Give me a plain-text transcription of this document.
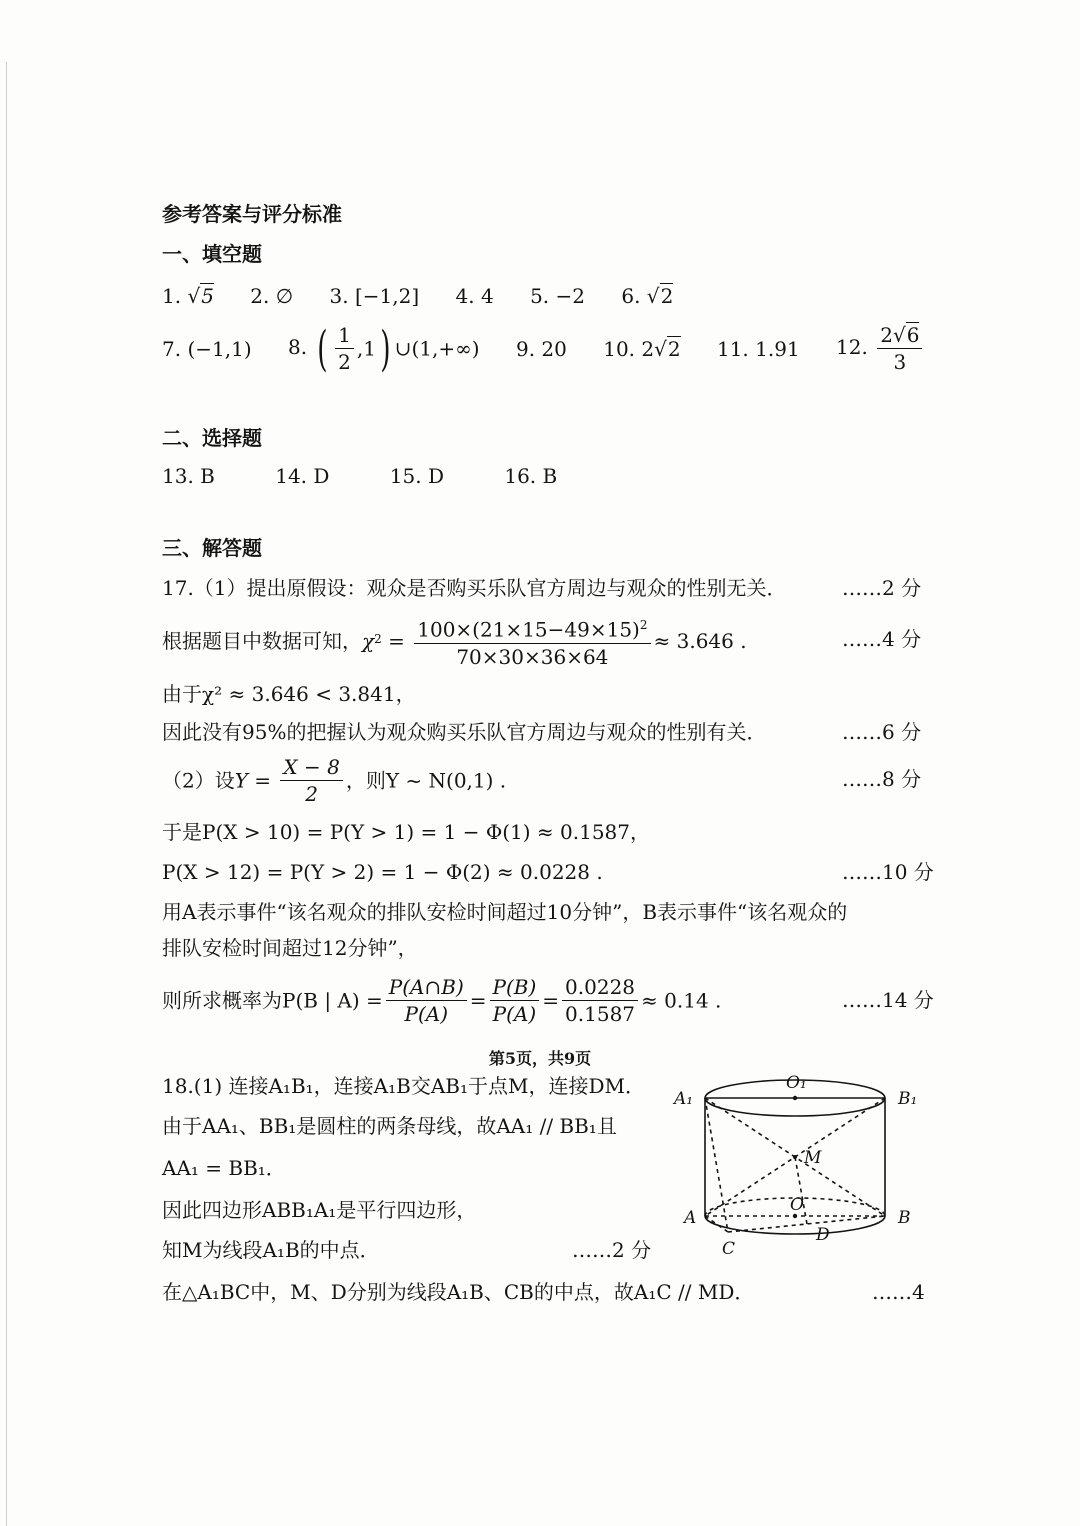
参考答案与评分标准
一、填空题
1. √5 2. ∅ 3. [−1,2] 4. 4 5. −2 6. √2
7. (−1,1) 8. ( $\frac{1}{2} ,1$) ∪(1,+∞) 9. 20 10. 2√2 11. 1.91 12. $\frac{2√6}{3}$
二、选择题
13. B	14. D	15. D	16. B
三、解答题
17.（1）提出原假设：观众是否购买乐队官方周边与观众的性别无关．	……2 分
根据题目中数据可知，$\chi^2 = \frac{100\times(21\times 15-49\times 15)^2}{70\times 30\times 36\times 64} \approx 3.646$ .	……4 分
由于χ² ≈ 3.646 < 3.841，
因此没有95%的把握认为观众购买乐队官方周边与观众的性别有关．	……6 分
（2）设$Y = \frac{X - 8}{2}$ ，则Y ~ N(0,1) .	……8 分
于是P(X > 10) = P(Y > 1) = 1 − Φ(1) ≈ 0.1587，
P(X > 12) = P(Y > 2) = 1 − Φ(2) ≈ 0.0228 .	……10 分
用A表示事件“该名观众的排队安检时间超过10分钟”，B表示事件“该名观众的
排队安检时间超过12分钟”，
则所求概率为P(B | $A) = \frac{P(A\cap B)}{P(A)} = \frac{P(B)}{P(A)} = \frac{0.0228}{0.1587} \approx 0.14$ .	……14 分
18.(1) 连接A₁B₁，连接A₁B交AB₁于点M，连接DM．
由于AA₁、BB₁是圆柱的两条母线，故AA₁ // BB₁且
AA₁ = BB₁．
因此四边形ABB₁A₁是平行四边形，
知M为线段A₁B的中点．	……2 分
在△A₁BC中，M、D分别为线段A₁B、CB的中点，故A₁C // MD．	……4
A₁	B₁
O₁
M
O
A	B
C
D
第5页，共9页
